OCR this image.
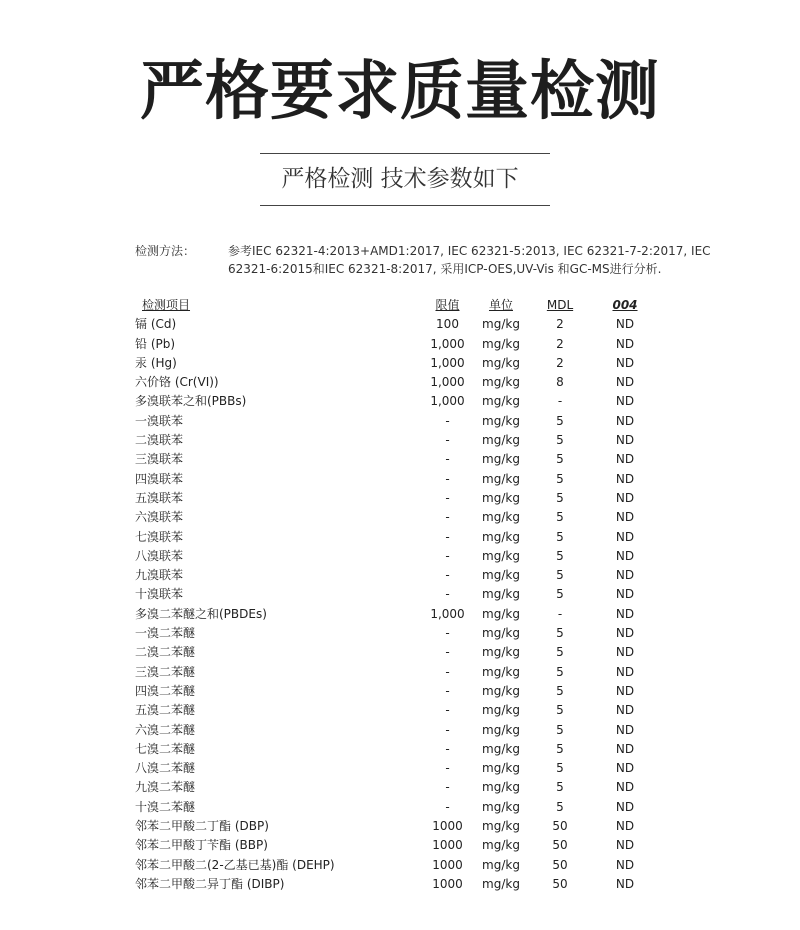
严格要求质量检测
严格检测 技术参数如下
检测方法：	参考IEC 62321-4:2013+AMD1:2017, IEC 62321-5:2013, IEC 62321-7-2:2017, IEC 62321-6:2015和IEC 62321-8:2017, 采用ICP-OES,UV-Vis 和GC-MS进行分析.
检测项目	限值	单位	MDL	004
镉 (Cd)	100	mg/kg	2	ND
铅 (Pb)	1,000	mg/kg	2	ND
汞 (Hg)	1,000	mg/kg	2	ND
六价铬 (Cr(VI))	1,000	mg/kg	8	ND
多溴联苯之和(PBBs)	1,000	mg/kg	-	ND
一溴联苯	-	mg/kg	5	ND
二溴联苯	-	mg/kg	5	ND
三溴联苯	-	mg/kg	5	ND
四溴联苯	-	mg/kg	5	ND
五溴联苯	-	mg/kg	5	ND
六溴联苯	-	mg/kg	5	ND
七溴联苯	-	mg/kg	5	ND
八溴联苯	-	mg/kg	5	ND
九溴联苯	-	mg/kg	5	ND
十溴联苯	-	mg/kg	5	ND
多溴二苯醚之和(PBDEs)	1,000	mg/kg	-	ND
一溴二苯醚	-	mg/kg	5	ND
二溴二苯醚	-	mg/kg	5	ND
三溴二苯醚	-	mg/kg	5	ND
四溴二苯醚	-	mg/kg	5	ND
五溴二苯醚	-	mg/kg	5	ND
六溴二苯醚	-	mg/kg	5	ND
七溴二苯醚	-	mg/kg	5	ND
八溴二苯醚	-	mg/kg	5	ND
九溴二苯醚	-	mg/kg	5	ND
十溴二苯醚	-	mg/kg	5	ND
邻苯二甲酸二丁酯 (DBP)	1000	mg/kg	50	ND
邻苯二甲酸丁苄酯 (BBP)	1000	mg/kg	50	ND
邻苯二甲酸二(2-乙基已基)酯 (DEHP)	1000	mg/kg	50	ND
邻苯二甲酸二异丁酯 (DIBP)	1000	mg/kg	50	ND
